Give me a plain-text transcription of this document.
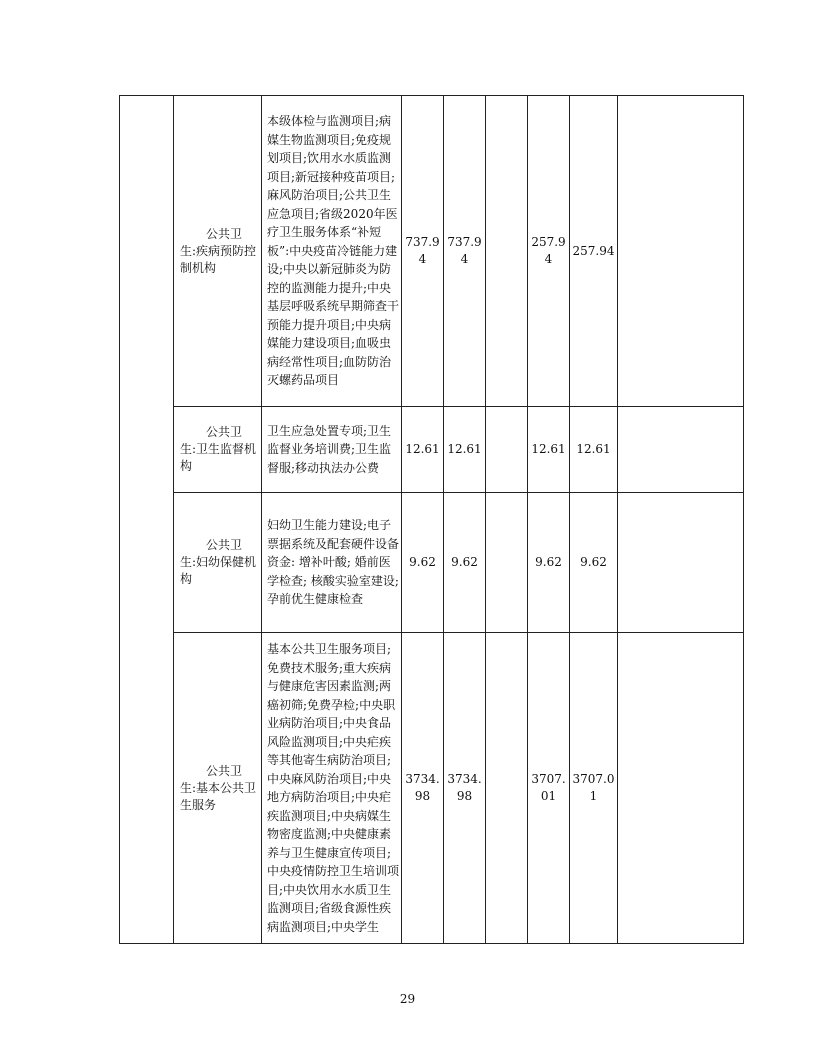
	公共卫生:疾病预防控制机构	本级体检与监测项目;病媒生物监测项目;免疫规划项目;饮用水水质监测项目;新冠接种疫苗项目;麻风防治项目;公共卫生应急项目;省级2020年医疗卫生服务体系“补短板”:中央疫苗冷链能力建设;中央以新冠肺炎为防控的监测能力提升;中央基层呼吸系统早期筛查干预能力提升项目;中央病媒能力建设项目;血吸虫病经常性项目;血防防治灭螺药品项目	737.94	737.94		257.94	257.94	
	公共卫生:卫生监督机构	卫生应急处置专项;卫生监督业务培训费;卫生监督服;移动执法办公费	12.61	12.61		12.61	12.61	
	公共卫生:妇幼保健机构	妇幼卫生能力建设;电子票据系统及配套硬件设备资金: 增补叶酸; 婚前医学检查; 核酸实验室建设;孕前优生健康检查	9.62	9.62		9.62	9.62	
	公共卫生:基本公共卫生服务	基本公共卫生服务项目;免费技术服务;重大疾病与健康危害因素监测;两癌初筛;免费孕检;中央职业病防治项目;中央食品风险监测项目;中央疟疾等其他寄生病防治项目;中央麻风防治项目;中央地方病防治项目;中央疟疾监测项目;中央病媒生物密度监测;中央健康素养与卫生健康宣传项目;中央疫情防控卫生培训项目;中央饮用水水质卫生监测项目;省级食源性疾病监测项目;中央学生	3734.98	3734.98		3707.01	3707.01	
29
